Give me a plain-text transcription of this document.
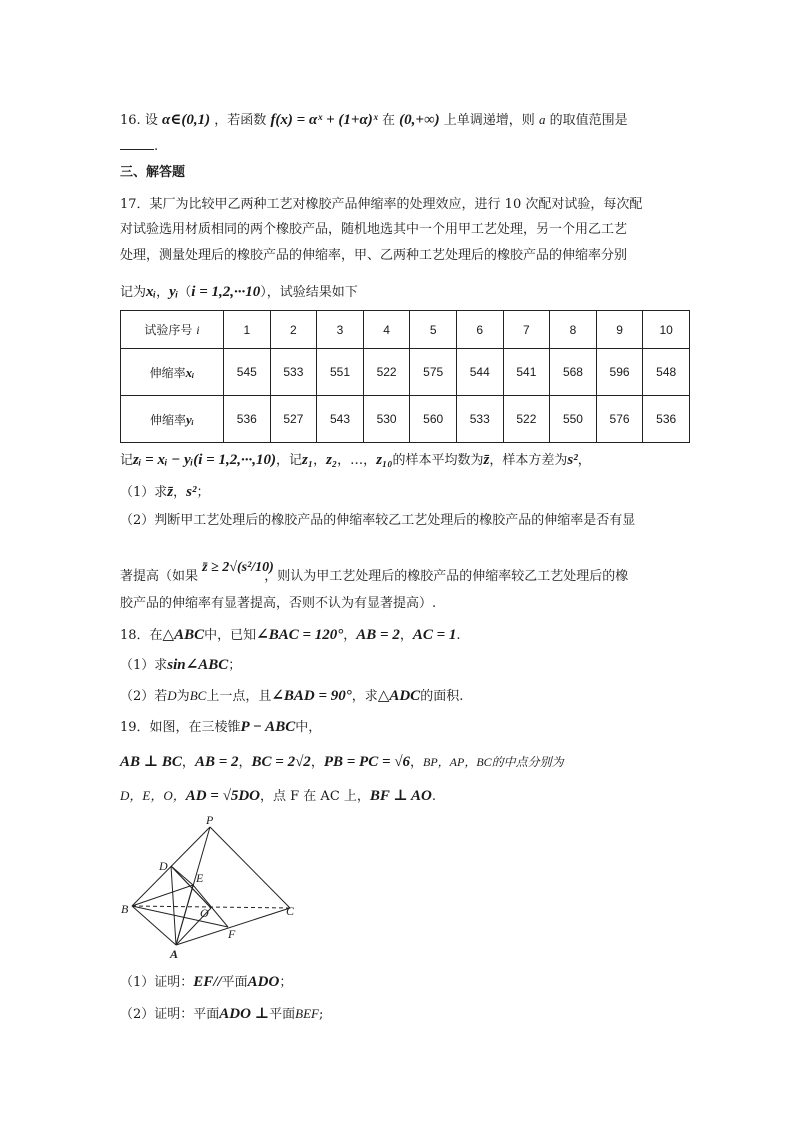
16. 设 α∈(0,1) ，若函数 f(x) = αˣ + (1+α)ˣ 在 (0,+∞) 上单调递增，则 a 的取值范围是
.
三、解答题
17．某厂为比较甲乙两种工艺对橡胶产品伸缩率的处理效应，进行 10 次配对试验，每次配
对试验选用材质相同的两个橡胶产品，随机地选其中一个用甲工艺处理，另一个用乙工艺
处理，测量处理后的橡胶产品的伸缩率，甲、乙两种工艺处理后的橡胶产品的伸缩率分别
记为xᵢ，yᵢ（i = 1,2,···10），试验结果如下
试验序号 i	1	2	3	4	5	6	7	8	9	10
伸缩率xᵢ	545	533	551	522	575	544	541	568	596	548
伸缩率yᵢ	536	527	543	530	560	533	522	550	576	536
记zᵢ = xᵢ − yᵢ(i = 1,2,···,10)，记z₁，z₂，…，z₁₀的样本平均数为z̄，样本方差为s²，
（1）求z̄，s²；
（2）判断甲工艺处理后的橡胶产品的伸缩率较乙工艺处理后的橡胶产品的伸缩率是否有显
著提高（如果
z̄ ≥ 2√(s²/10)
，则认为甲工艺处理后的橡胶产品的伸缩率较乙工艺处理后的橡
胶产品的伸缩率有显著提高，否则不认为有显著提高）.
18．在△ABC中，已知∠BAC = 120°，AB = 2，AC = 1.
（1）求sin∠ABC；
（2）若D为BC上一点，且∠BAD = 90°，求△ADC的面积.
19．如图，在三棱锥P − ABC中，
AB ⊥ BC，AB = 2，BC = 2√2，PB = PC = √6，BP，AP，BC的中点分别为
D，E，O，AD = √5DO，点 F 在 AC 上，BF ⊥ AO.
P
D
E
B	O	C
F
A
（1）证明：EF//平面ADO；
（2）证明：平面ADO ⊥平面BEF;
